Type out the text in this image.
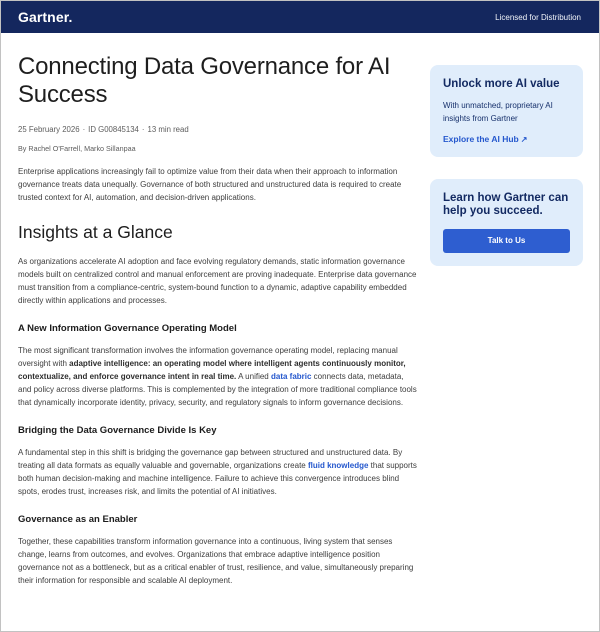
Gartner.	Licensed for Distribution
Connecting Data Governance for AI Success
25 February 2026 · ID G00845134 · 13 min read
By Rachel O'Farrell, Marko Sillanpaa

Enterprise applications increasingly fail to optimize value from their data when their approach to information governance treats data unequally. Governance of both structured and unstructured data is required to create trusted context for AI, automation, and decision-driven applications.

Insights at a Glance

As organizations accelerate AI adoption and face evolving regulatory demands, static information governance models built on centralized control and manual enforcement are proving inadequate. Enterprise data governance must transition from a compliance-centric, system-bound function to a dynamic, adaptive capability embedded directly within applications and processes.

A New Information Governance Operating Model

The most significant transformation involves the information governance operating model, replacing manual oversight with adaptive intelligence: an operating model where intelligent agents continuously monitor, contextualize, and enforce governance intent in real time. A unified data fabric connects data, metadata, and policy across diverse platforms. This is complemented by the integration of more traditional compliance tools that dynamically incorporate identity, privacy, security, and regulatory signals to inform governance decisions.

Bridging the Data Governance Divide Is Key

A fundamental step in this shift is bridging the governance gap between structured and unstructured data. By treating all data formats as equally valuable and governable, organizations create fluid knowledge that supports both human decision-making and machine intelligence. Failure to achieve this convergence introduces blind spots, erodes trust, increases risk, and limits the potential of AI initiatives.

Governance as an Enabler

Together, these capabilities transform information governance into a continuous, living system that senses change, learns from outcomes, and evolves. Organizations that embrace adaptive intelligence position governance not as a bottleneck, but as a critical enabler of trust, resilience, and value, simultaneously preparing their information for responsible and scalable AI deployment.

Unlock more AI value
With unmatched, proprietary AI insights from Gartner
Explore the AI Hub ↗
Learn how Gartner can help you succeed.
Talk to Us
